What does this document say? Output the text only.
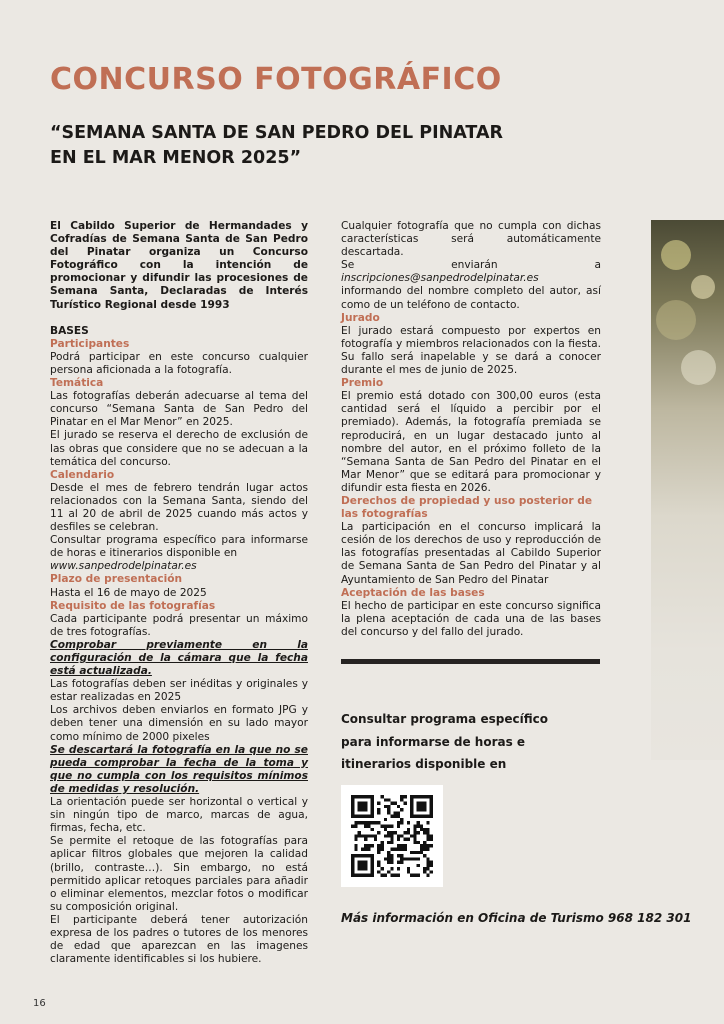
CONCURSO FOTOGRÁFICO
“SEMANA SANTA DE SAN PEDRO DEL PINATAR
EN EL MAR MENOR 2025”

El Cabildo Superior de Hermandades y Cofradías de Semana Santa de San Pedro del Pinatar organiza un Concurso Fotográfico con la intención de promocionar y difundir las procesiones de Semana Santa, Declaradas de Interés Turístico Regional desde 1993

BASES

Participantes

Podrá participar en este concurso cualquier persona aficionada a la fotografía.

Temática

Las fotografías deberán adecuarse al tema del concurso “Semana Santa de San Pedro del Pinatar en el Mar Menor” en 2025.

El jurado se reserva el derecho de exclusión de las obras que considere que no se adecuan a la temática del concurso.

Calendario

Desde el mes de febrero tendrán lugar actos relacionados con la Semana Santa, siendo del 11 al 20 de abril de 2025 cuando más actos y desfiles se celebran.

Consultar programa específico para informarse de horas e itinerarios disponible en

www.sanpedrodelpinatar.es

Plazo de presentación

Hasta el 16 de mayo de 2025

Requisito de las fotografías

Cada participante podrá presentar un máximo de tres fotografías.

Comprobar previamente en la configuración de la cámara que la fecha está actualizada.

Las fotografías deben ser inéditas y originales y estar realizadas en 2025

Los archivos deben enviarlos en formato JPG y deben tener una dimensión en su lado mayor como mínimo de 2000 pixeles

Se descartará la fotografía en la que no se pueda comprobar la fecha de la toma y que no cumpla con los requisitos mínimos de medidas y resolución.

La orientación puede ser horizontal o vertical y sin ningún tipo de marco, marcas de agua, firmas, fecha, etc.

Se permite el retoque de las fotografías para aplicar filtros globales que mejoren la calidad (brillo, contraste…). Sin embargo, no está permitido aplicar retoques parciales para añadir o eliminar elementos, mezclar fotos o modificar su composición original.

El participante deberá tener autorización expresa de los padres o tutores de los menores de edad que aparezcan en las imagenes claramente identificables si los hubiere.

Cualquier fotografía que no cumpla con dichas características será automáticamente descartada.

Se enviarán a inscripciones@sanpedrodelpinatar.es informando del nombre completo del autor, así como de un teléfono de contacto.

Jurado

El jurado estará compuesto por expertos en fotografía y miembros relacionados con la fiesta. Su fallo será inapelable y se dará a conocer durante el mes de junio de 2025.

Premio

El premio está dotado con 300,00 euros (esta cantidad será el líquido a percibir por el premiado). Además, la fotografía premiada se reproducirá, en un lugar destacado junto al nombre del autor, en el próximo folleto de la “Semana Santa de San Pedro del Pinatar en el Mar Menor” que se editará para promocionar y difundir esta fiesta en 2026.

Derechos de propiedad y uso posterior de las fotografías

La participación en el concurso implicará la cesión de los derechos de uso y reproducción de las fotografías presentadas al Cabildo Superior de Semana Santa de San Pedro del Pinatar y al Ayuntamiento de San Pedro del Pinatar

Aceptación de las bases

El hecho de participar en este concurso significa la plena aceptación de cada una de las bases del concurso y del fallo del jurado.

Consultar programa específico
para informarse de horas e
itinerarios disponible en
Más información en Oficina de Turismo 968 182 301
16
